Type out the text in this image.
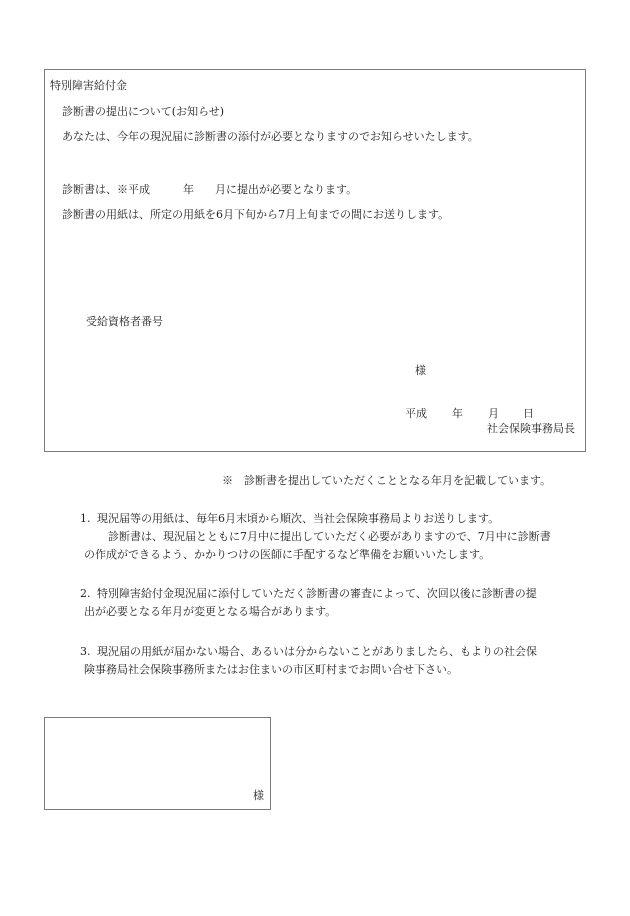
特別障害給付金
診断書の提出について(お知らせ)
あなたは、今年の現況届に診断書の添付が必要となりますのでお知らせいたします。
診断書は、※平成	年 月に提出が必要となります。
診断書の用紙は、所定の用紙を6月下旬から7月上旬までの間にお送りします。
受給資格者番号
様
平成 年 月 日
社会保険事務局長
※　診断書を提出していただくこととなる年月を記載しています。
1. 現況届等の用紙は、毎年6月末頃から順次、当社会保険事務局よりお送りします。
　診断書は、現況届とともに7月中に提出していただく必要がありますので、7月中に診断書
の作成ができるよう、かかりつけの医師に手配するなど準備をお願いいたします。
2. 特別障害給付金現況届に添付していただく診断書の審査によって、次回以後に診断書の提
出が必要となる年月が変更となる場合があります。
3. 現況届の用紙が届かない場合、あるいは分からないことがありましたら、もよりの社会保
険事務局社会保険事務所またはお住まいの市区町村までお問い合せ下さい。
様
